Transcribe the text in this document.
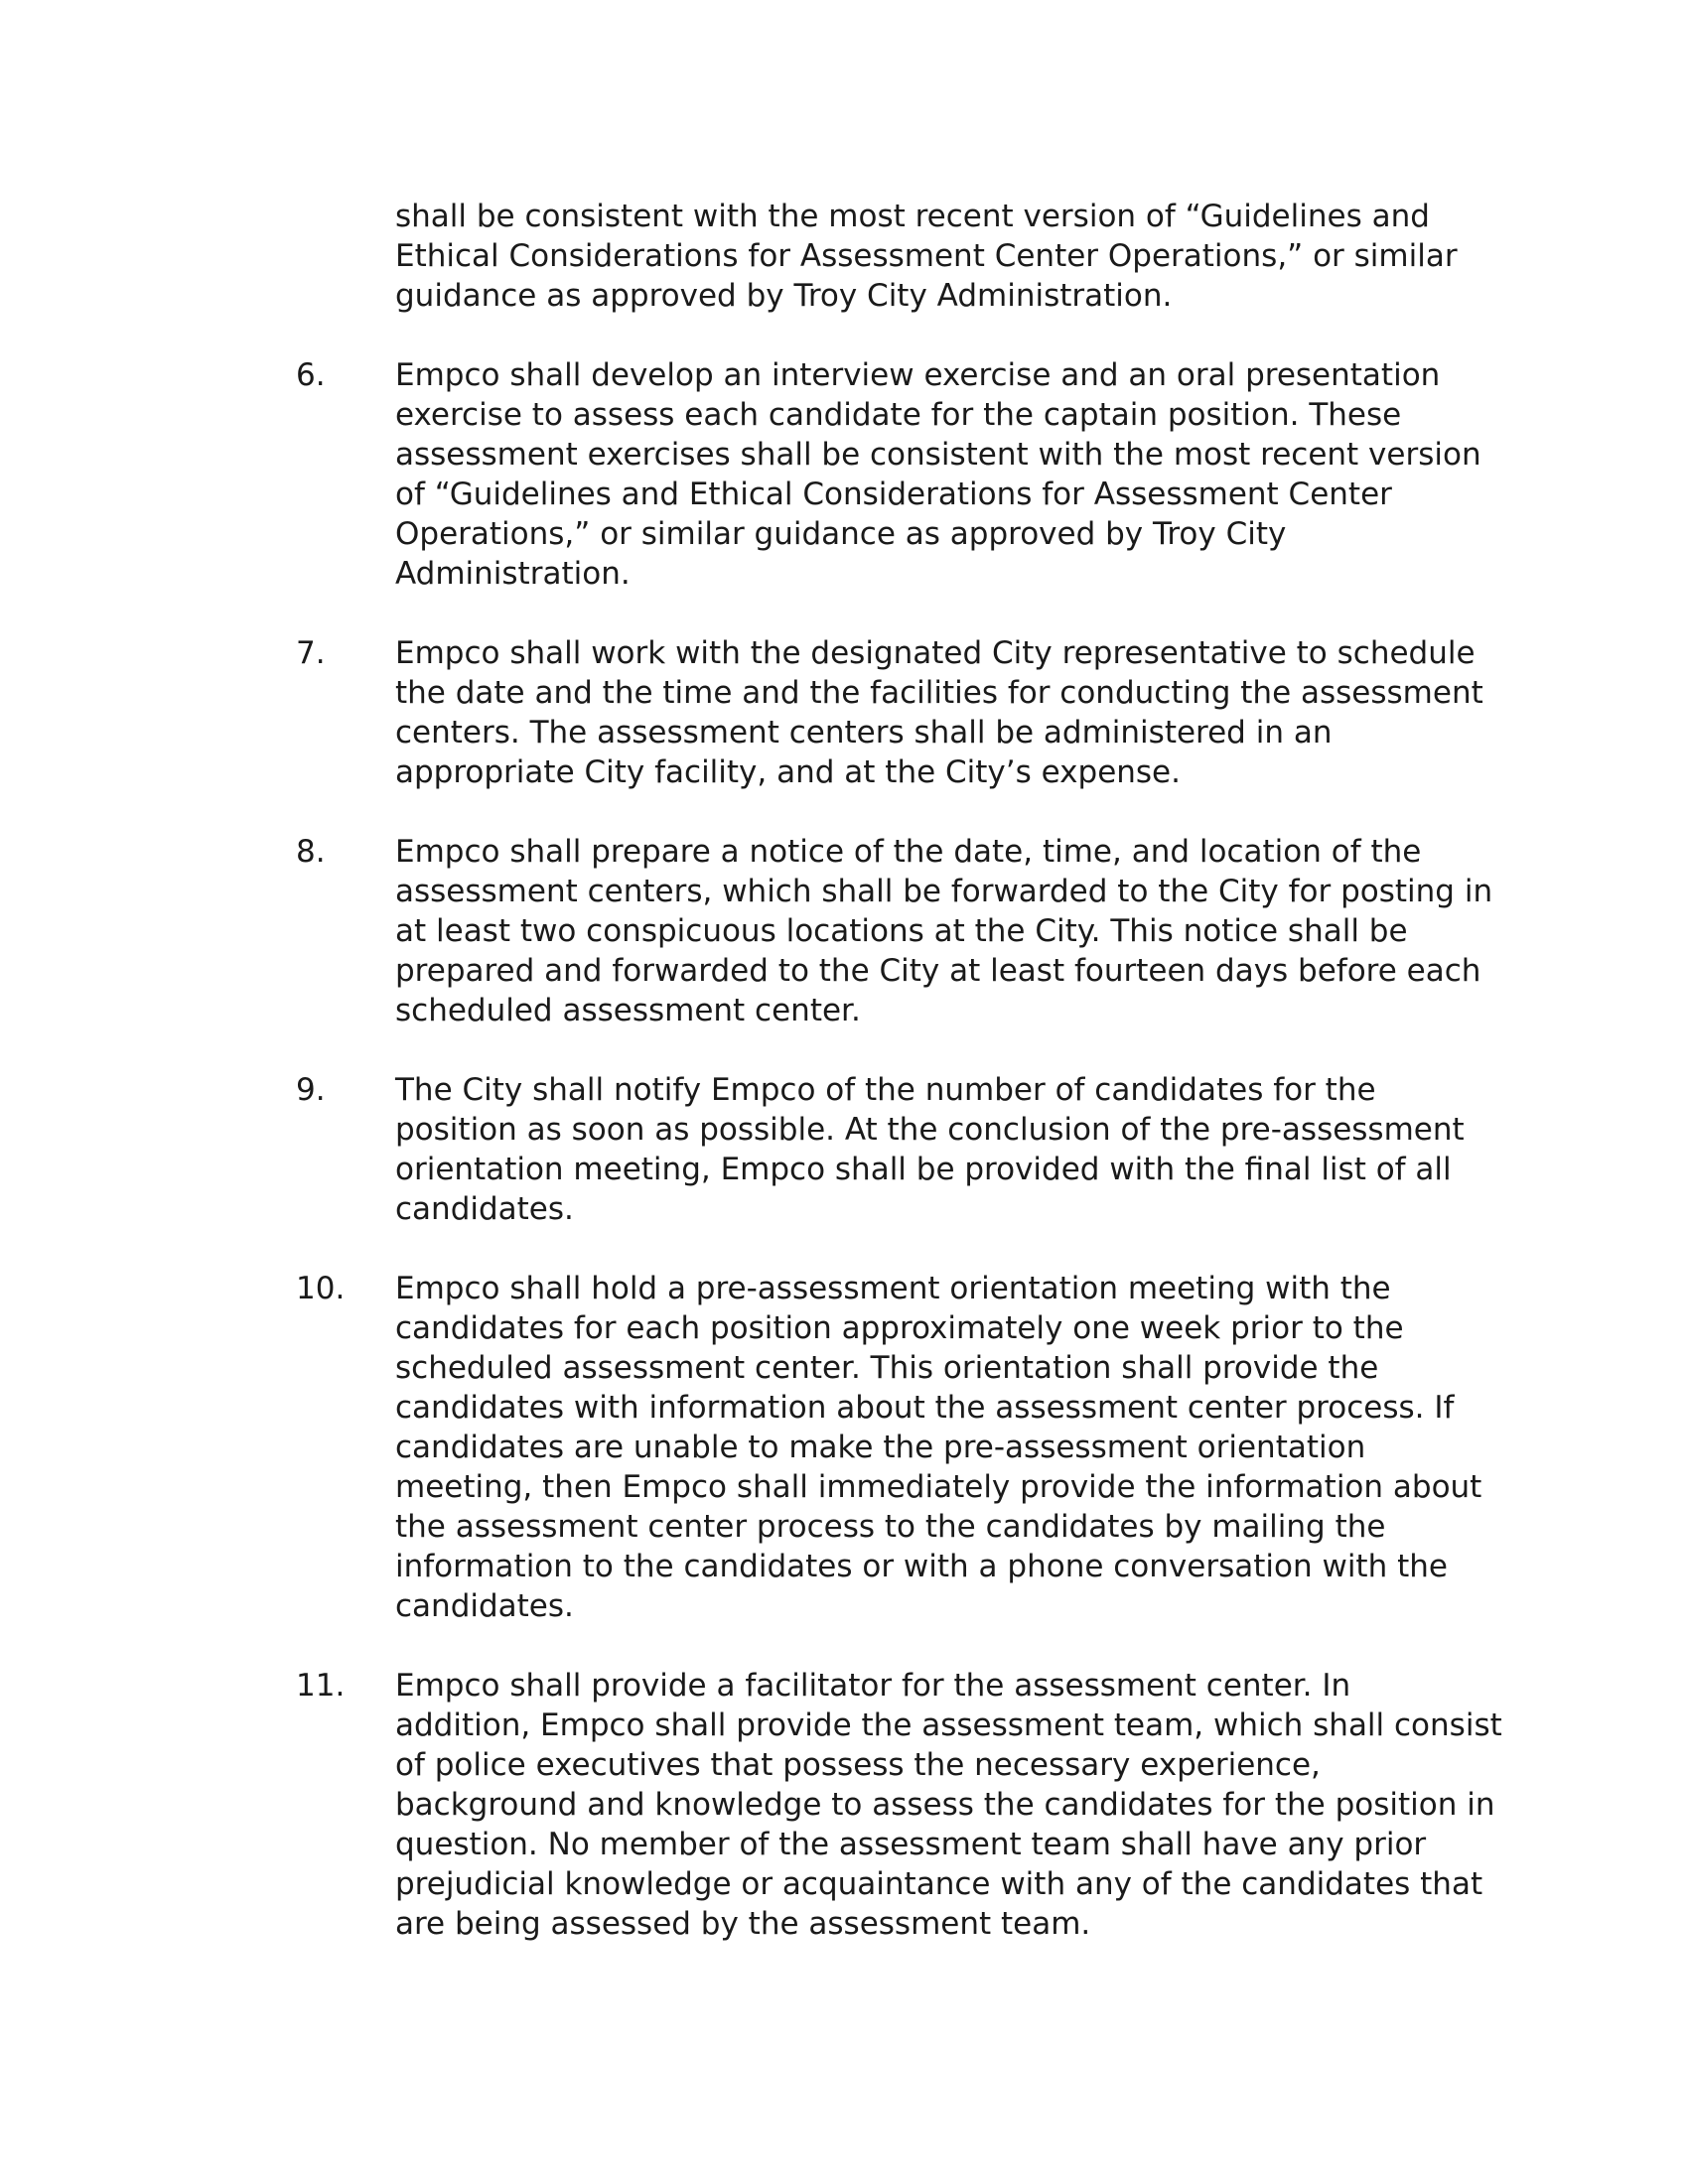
shall be consistent with the most recent version of “Guidelines and
Ethical Considerations for Assessment Center Operations,” or similar
guidance as approved by Troy City Administration.
6.	Empco shall develop an interview exercise and an oral presentation
exercise to assess each candidate for the captain position. These
assessment exercises shall be consistent with the most recent version
of “Guidelines and Ethical Considerations for Assessment Center
Operations,” or similar guidance as approved by Troy City
Administration.
7.	Empco shall work with the designated City representative to schedule
the date and the time and the facilities for conducting the assessment
centers. The assessment centers shall be administered in an
appropriate City facility, and at the City’s expense.
8.	Empco shall prepare a notice of the date, time, and location of the
assessment centers, which shall be forwarded to the City for posting in
at least two conspicuous locations at the City. This notice shall be
prepared and forwarded to the City at least fourteen days before each
scheduled assessment center.
9.	The City shall notify Empco of the number of candidates for the
position as soon as possible. At the conclusion of the pre-assessment
orientation meeting, Empco shall be provided with the final list of all
candidates.
10.	Empco shall hold a pre-assessment orientation meeting with the
candidates for each position approximately one week prior to the
scheduled assessment center. This orientation shall provide the
candidates with information about the assessment center process. If
candidates are unable to make the pre-assessment orientation
meeting, then Empco shall immediately provide the information about
the assessment center process to the candidates by mailing the
information to the candidates or with a phone conversation with the
candidates.
11.	Empco shall provide a facilitator for the assessment center. In
addition, Empco shall provide the assessment team, which shall consist
of police executives that possess the necessary experience,
background and knowledge to assess the candidates for the position in
question. No member of the assessment team shall have any prior
prejudicial knowledge or acquaintance with any of the candidates that
are being assessed by the assessment team.
